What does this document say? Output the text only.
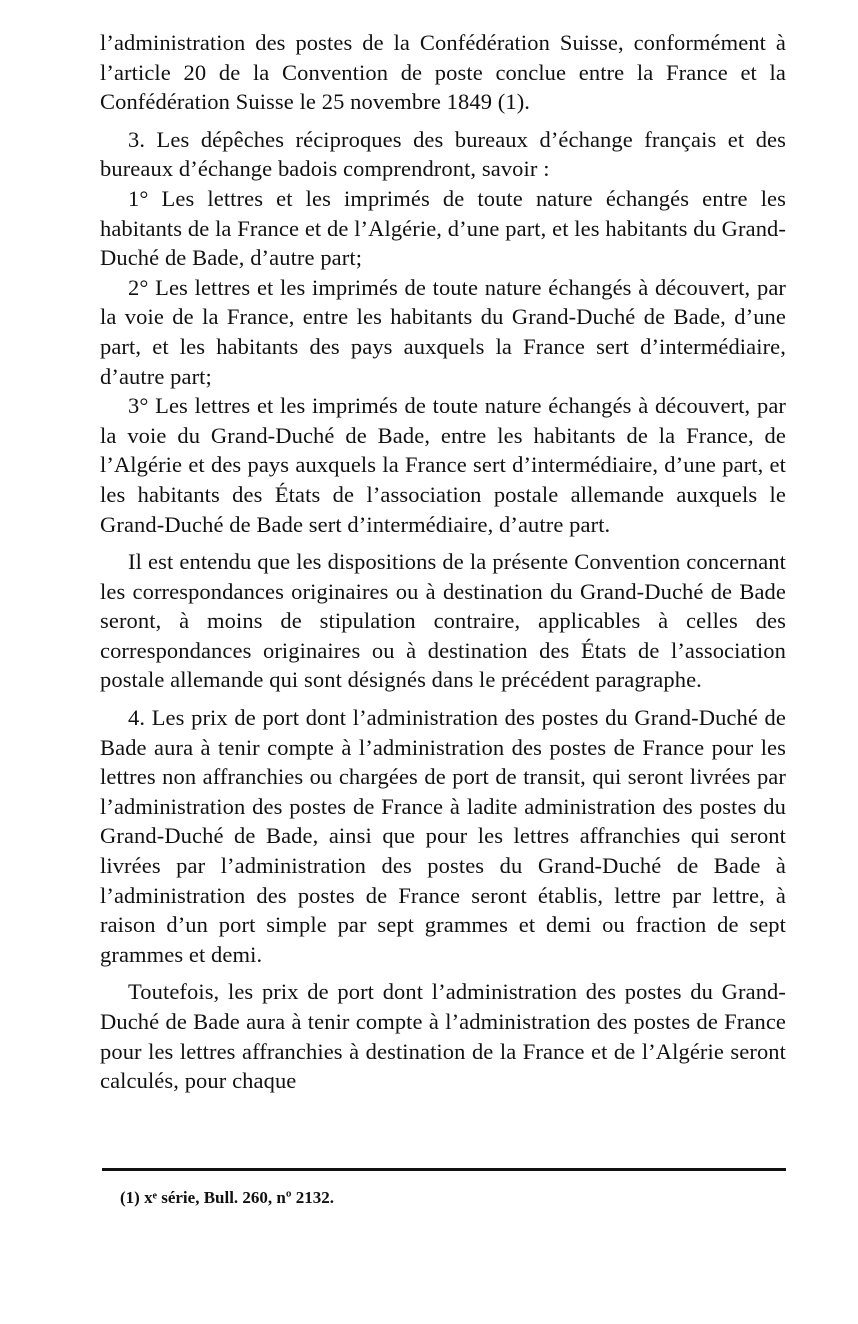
l’administration des postes de la Confédération Suisse, conformément à l’article 20 de la Convention de poste conclue entre la France et la Confédération Suisse le 25 novembre 1849 (1).

3. Les dépêches réciproques des bureaux d’échange français et des bureaux d’échange badois comprendront, savoir :

1° Les lettres et les imprimés de toute nature échangés entre les habitants de la France et de l’Algérie, d’une part, et les habitants du Grand-Duché de Bade, d’autre part;

2° Les lettres et les imprimés de toute nature échangés à découvert, par la voie de la France, entre les habitants du Grand-Duché de Bade, d’une part, et les habitants des pays auxquels la France sert d’intermédiaire, d’autre part;

3° Les lettres et les imprimés de toute nature échangés à découvert, par la voie du Grand-Duché de Bade, entre les habitants de la France, de l’Algérie et des pays auxquels la France sert d’intermédiaire, d’une part, et les habitants des États de l’association postale allemande auxquels le Grand-Duché de Bade sert d’intermédiaire, d’autre part.

Il est entendu que les dispositions de la présente Convention concernant les correspondances originaires ou à destination du Grand-Duché de Bade seront, à moins de stipulation contraire, applicables à celles des correspondances originaires ou à destination des États de l’association postale allemande qui sont désignés dans le précédent paragraphe.

4. Les prix de port dont l’administration des postes du Grand-Duché de Bade aura à tenir compte à l’administration des postes de France pour les lettres non affranchies ou chargées de port de transit, qui seront livrées par l’administration des postes de France à ladite administration des postes du Grand-Duché de Bade, ainsi que pour les lettres affranchies qui seront livrées par l’administration des postes du Grand-Duché de Bade à l’administration des postes de France seront établis, lettre par lettre, à raison d’un port simple par sept grammes et demi ou fraction de sept grammes et demi.

Toutefois, les prix de port dont l’administration des postes du Grand-Duché de Bade aura à tenir compte à l’administration des postes de France pour les lettres affranchies à destination de la France et de l’Algérie seront calculés, pour chaque

(1) xᵉ série, Bull. 260, nº 2132.
